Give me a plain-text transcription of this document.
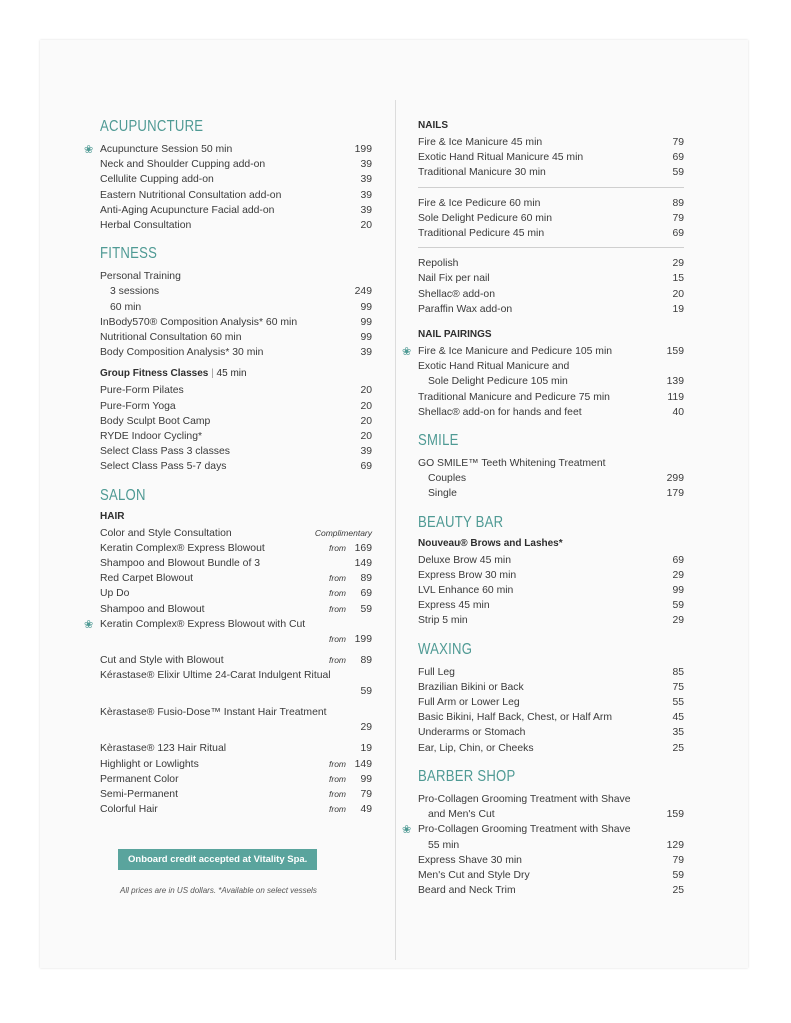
ACUPUNCTURE
❀ Acupuncture Session 50 min	199
Neck and Shoulder Cupping add-on	39
Cellulite Cupping add-on	39
Eastern Nutritional Consultation add-on	39
Anti-Aging Acupuncture Facial add-on	39
Herbal Consultation	20
FITNESS
Personal Training
3 sessions	249
60 min	99
InBody570® Composition Analysis* 60 min	99
Nutritional Consultation 60 min	99
Body Composition Analysis* 30 min	39
Group Fitness Classes | 45 min
Pure-Form Pilates	20
Pure-Form Yoga	20
Body Sculpt Boot Camp	20
RYDE Indoor Cycling*	20
Select Class Pass 3 classes	39
Select Class Pass 5-7 days	69
SALON
HAIR
Color and Style Consultation	Complimentary
Keratin Complex® Express Blowout	from 169
Shampoo and Blowout Bundle of 3	149
Red Carpet Blowout	from	89
Up Do	from	69
Shampoo and Blowout	from	59
❀ Keratin Complex® Express Blowout with Cut
from 199
Cut and Style with Blowout	from	89
Kérastase® Elixir Ultime 24-Carat Indulgent Ritual
59
Kèrastase® Fusio-Dose™ Instant Hair Treatment
29
Kèrastase® 123 Hair Ritual	19
Highlight or Lowlights	from 149
Permanent Color	from	99
Semi-Permanent	from	79
Colorful Hair	from	49
Onboard credit accepted at Vitality Spa.
All prices are in US dollars. *Available on select vessels
NAILS
Fire & Ice Manicure 45 min	79
Exotic Hand Ritual Manicure 45 min	69
Traditional Manicure 30 min	59
Fire & Ice Pedicure 60 min	89
Sole Delight Pedicure 60 min	79
Traditional Pedicure 45 min	69
Repolish	29
Nail Fix per nail	15
Shellac® add-on	20
Paraffin Wax add-on	19
NAIL PAIRINGS
❀ Fire & Ice Manicure and Pedicure 105 min	159
Exotic Hand Ritual Manicure and
Sole Delight Pedicure 105 min	139
Traditional Manicure and Pedicure 75 min	119
Shellac® add-on for hands and feet	40
SMILE
GO SMILE™ Teeth Whitening Treatment
Couples	299
Single	179
BEAUTY BAR
Nouveau® Brows and Lashes*
Deluxe Brow 45 min	69
Express Brow 30 min	29
LVL Enhance 60 min	99
Express 45 min	59
Strip 5 min	29
WAXING
Full Leg	85
Brazilian Bikini or Back	75
Full Arm or Lower Leg	55
Basic Bikini, Half Back, Chest, or Half Arm	45
Underarms or Stomach	35
Ear, Lip, Chin, or Cheeks	25
BARBER SHOP
Pro-Collagen Grooming Treatment with Shave
and Men's Cut	159
❀ Pro-Collagen Grooming Treatment with Shave
55 min	129
Express Shave 30 min	79
Men's Cut and Style Dry	59
Beard and Neck Trim	25
